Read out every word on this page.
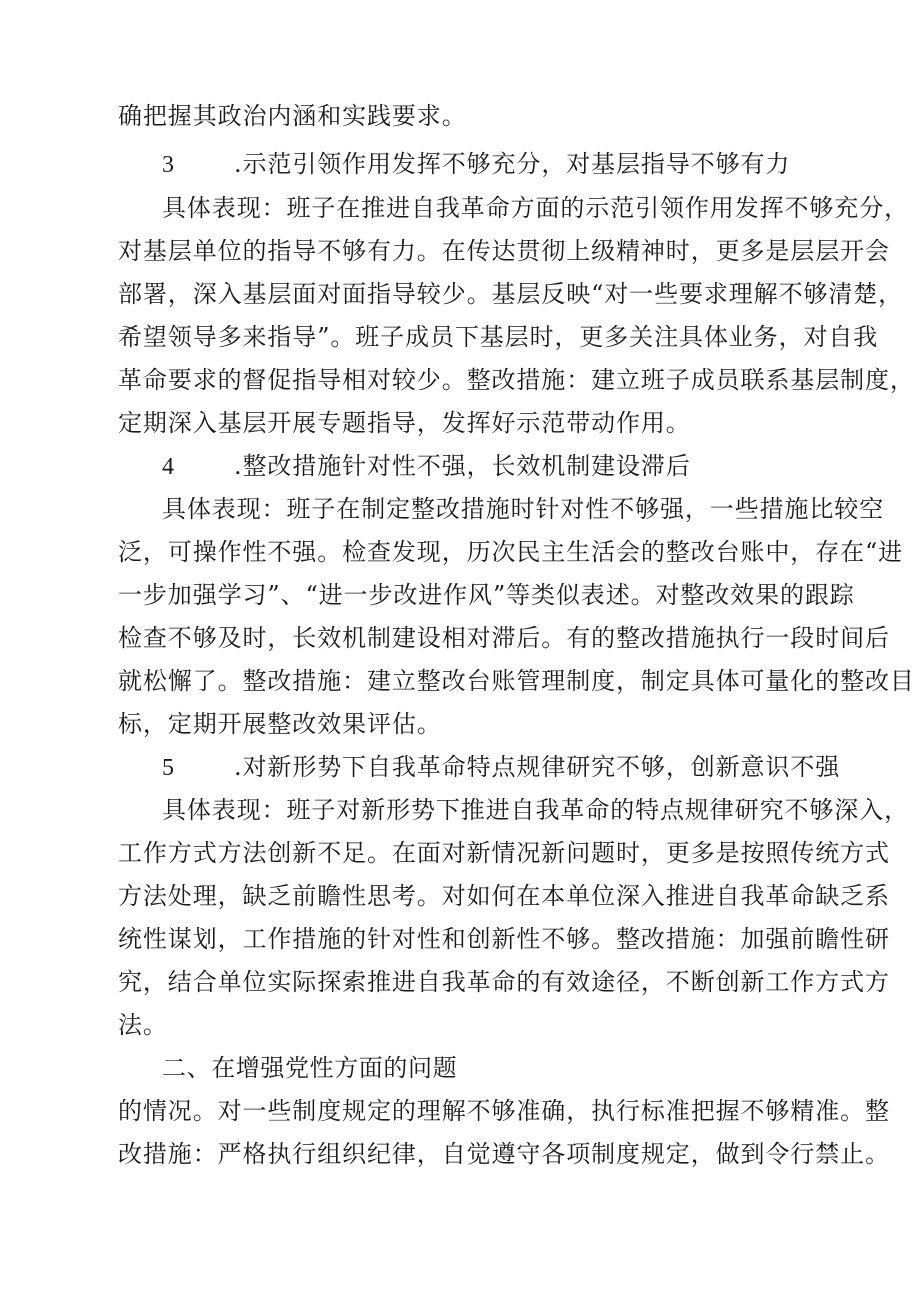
确把握其政治内涵和实践要求。
3 .示范引领作用发挥不够充分，对基层指导不够有力
具体表现：班子在推进自我革命方面的示范引领作用发挥不够充分，
对基层单位的指导不够有力。在传达贯彻上级精神时，更多是层层开会
部署，深入基层面对面指导较少。基层反映“对一些要求理解不够清楚，
希望领导多来指导”。班子成员下基层时，更多关注具体业务，对自我
革命要求的督促指导相对较少。整改措施：建立班子成员联系基层制度，
定期深入基层开展专题指导，发挥好示范带动作用。
4 .整改措施针对性不强，长效机制建设滞后
具体表现：班子在制定整改措施时针对性不够强，一些措施比较空
泛，可操作性不强。检查发现，历次民主生活会的整改台账中，存在“进
一步加强学习”、“进一步改进作风”等类似表述。对整改效果的跟踪
检查不够及时，长效机制建设相对滞后。有的整改措施执行一段时间后
就松懈了。整改措施：建立整改台账管理制度，制定具体可量化的整改目
标，定期开展整改效果评估。
5 .对新形势下自我革命特点规律研究不够，创新意识不强
具体表现：班子对新形势下推进自我革命的特点规律研究不够深入，
工作方式方法创新不足。在面对新情况新问题时，更多是按照传统方式
方法处理，缺乏前瞻性思考。对如何在本单位深入推进自我革命缺乏系
统性谋划，工作措施的针对性和创新性不够。整改措施：加强前瞻性研
究，结合单位实际探索推进自我革命的有效途径，不断创新工作方式方
法。
二、在增强党性方面的问题
的情况。对一些制度规定的理解不够准确，执行标准把握不够精准。整
改措施：严格执行组织纪律，自觉遵守各项制度规定，做到令行禁止。
